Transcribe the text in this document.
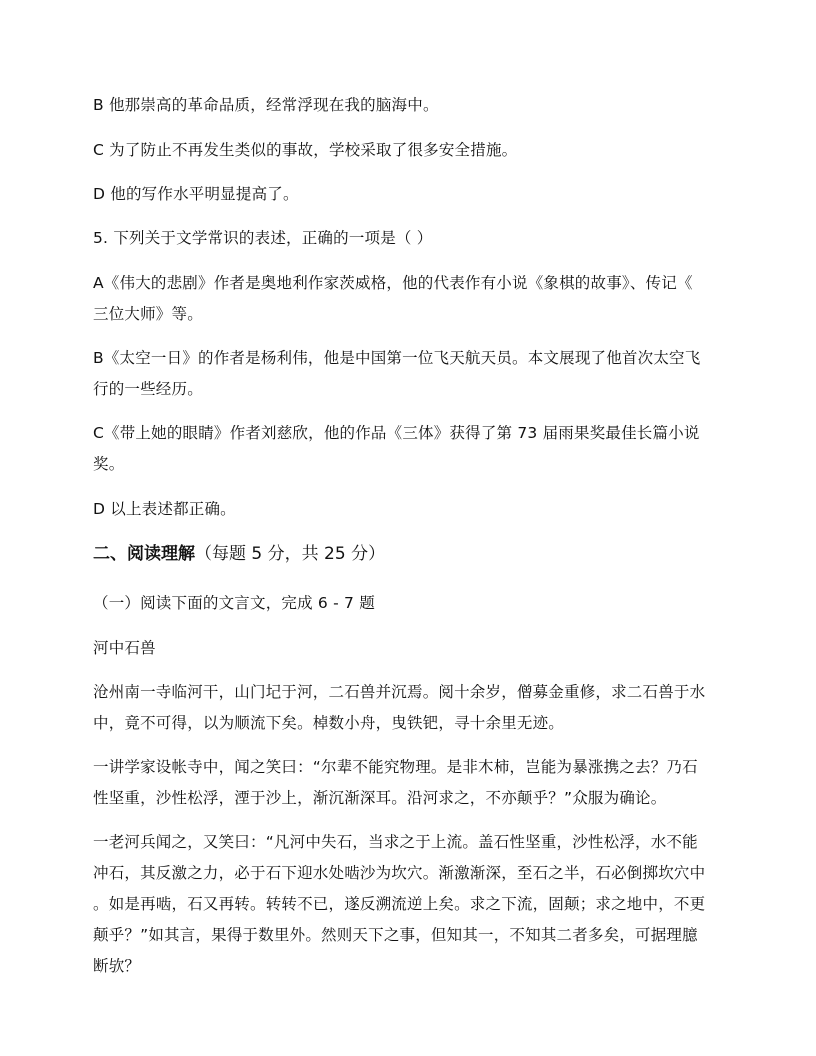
B 他那崇高的革命品质，经常浮现在我的脑海中。
C 为了防止不再发生类似的事故，学校采取了很多安全措施。
D 他的写作水平明显提高了。
5. 下列关于文学常识的表述，正确的一项是（ ）
A《伟大的悲剧》作者是奥地利作家茨威格，他的代表作有小说《象棋的故事》、传记《
三位大师》等。
B《太空一日》的作者是杨利伟，他是中国第一位飞天航天员。本文展现了他首次太空飞
行的一些经历。
C《带上她的眼睛》作者刘慈欣，他的作品《三体》获得了第 73 届雨果奖最佳长篇小说
奖。
D 以上表述都正确。
二、阅读理解（每题 5 分，共 25 分）
（一）阅读下面的文言文，完成 6 - 7 题
河中石兽
沧州南一寺临河干，山门圮于河，二石兽并沉焉。阅十余岁，僧募金重修，求二石兽于水
中，竟不可得，以为顺流下矣。棹数小舟，曳铁钯，寻十余里无迹。
一讲学家设帐寺中，闻之笑曰：“尔辈不能究物理。是非木柿，岂能为暴涨携之去？乃石
性坚重，沙性松浮，湮于沙上，渐沉渐深耳。沿河求之，不亦颠乎？”众服为确论。
一老河兵闻之，又笑曰：“凡河中失石，当求之于上流。盖石性坚重，沙性松浮，水不能
冲石，其反激之力，必于石下迎水处啮沙为坎穴。渐激渐深，至石之半，石必倒掷坎穴中
。如是再啮，石又再转。转转不已，遂反溯流逆上矣。求之下流，固颠；求之地中，不更
颠乎？”如其言，果得于数里外。然则天下之事，但知其一，不知其二者多矣，可据理臆
断欤？
